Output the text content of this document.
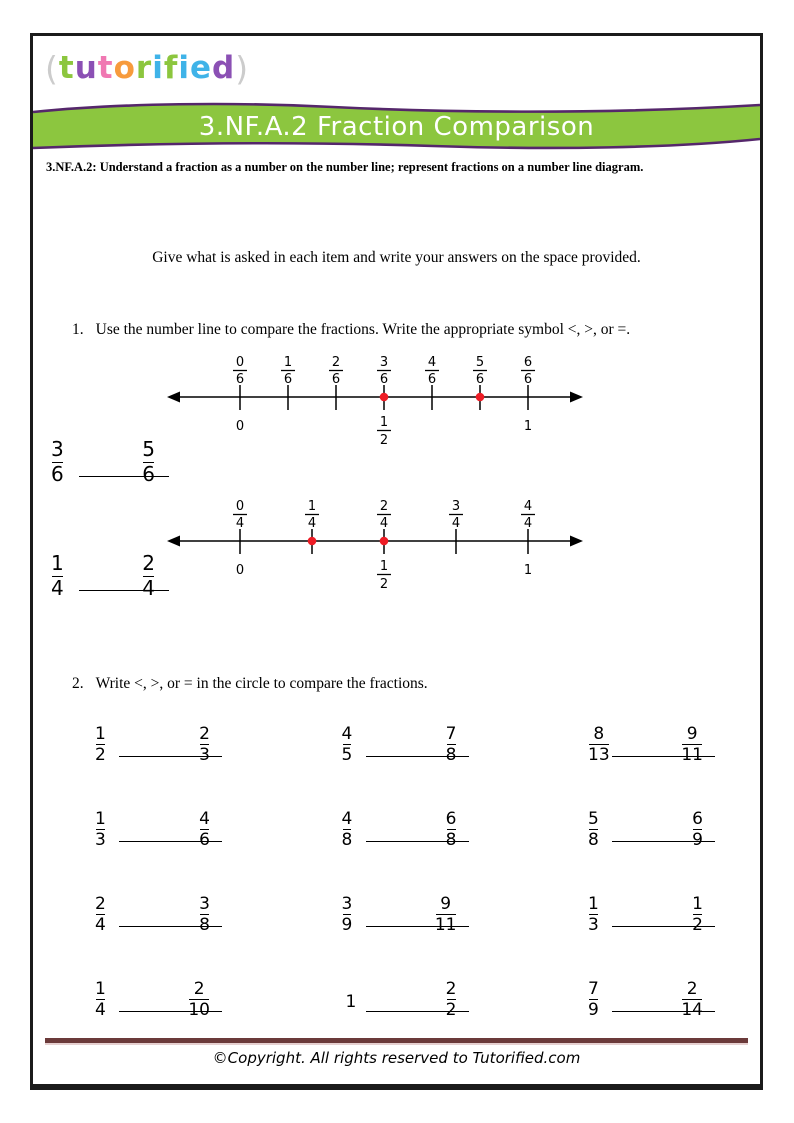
(tutorified)
3.NF.A.2 Fraction Comparison
3.NF.A.2: Understand a fraction as a number on the number line; represent fractions on a number line diagram.
Give what is asked in each item and write your answers on the space provided.
1. Use the number line to compare the fractions. Write the appropriate symbol <, >, or =.
0
6
0
1
6
2
6
3
6
1
2
4
6
5
6
6
6
1
0
4
0
1
4
2
4
1
2
3
4
4
4
1
3
6
5
6
1
4
2
4
2. Write <, >, or = in the circle to compare the fractions.
1
2
2
3
4
5
7
8
8
13
9
11
1
3
4
6
4
8
6
8
5
8
6
9
2
4
3
8
3
9
9
11
1
3
1
2
1
4
2
10	1
2
2
7
9
2
14
©Copyright. All rights reserved to Tutorified.com
